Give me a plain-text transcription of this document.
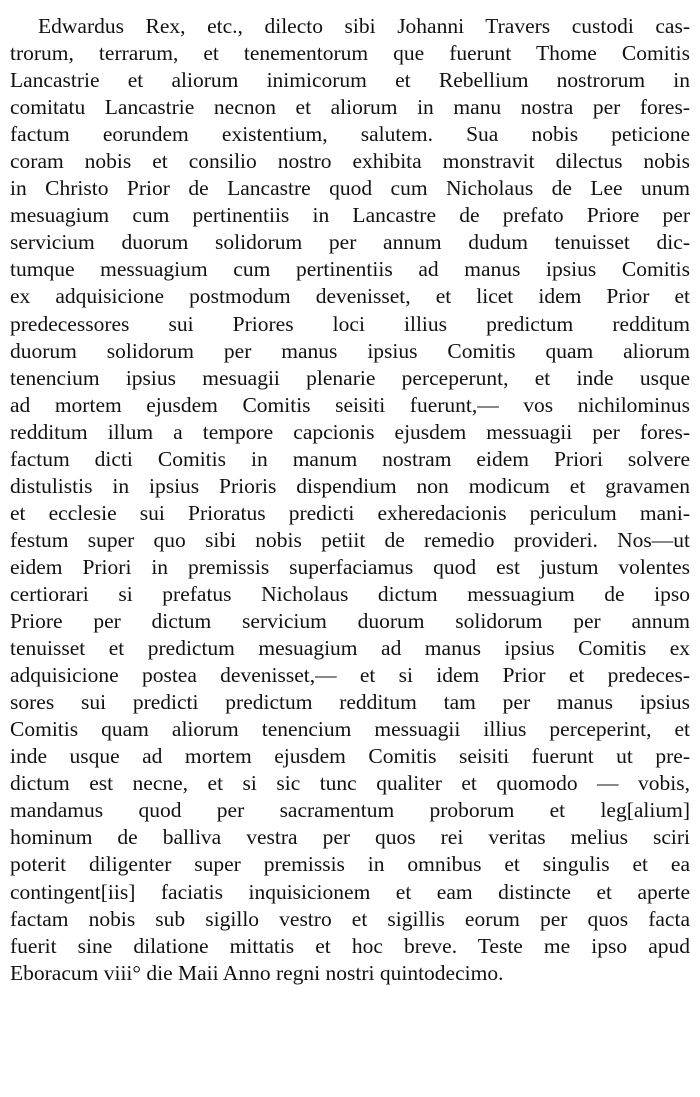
Edwardus Rex, etc., dilecto sibi Johanni Travers custodi cas-
trorum, terrarum, et tenementorum que fuerunt Thome Comitis
Lancastrie et aliorum inimicorum et Rebellium nostrorum in
comitatu Lancastrie necnon et aliorum in manu nostra per fores-
factum eorundem existentium, salutem. Sua nobis peticione
coram nobis et consilio nostro exhibita monstravit dilectus nobis
in Christo Prior de Lancastre quod cum Nicholaus de Lee unum
mesuagium cum pertinentiis in Lancastre de prefato Priore per
servicium duorum solidorum per annum dudum tenuisset dic-
tumque messuagium cum pertinentiis ad manus ipsius Comitis
ex adquisicione postmodum devenisset, et licet idem Prior et
predecessores sui Priores loci illius predictum redditum
duorum solidorum per manus ipsius Comitis quam aliorum
tenencium ipsius mesuagii plenarie perceperunt, et inde usque
ad mortem ejusdem Comitis seisiti fuerunt,— vos nichilominus
redditum illum a tempore capcionis ejusdem messuagii per fores-
factum dicti Comitis in manum nostram eidem Priori solvere
distulistis in ipsius Prioris dispendium non modicum et gravamen
et ecclesie sui Prioratus predicti exheredacionis periculum mani-
festum super quo sibi nobis petiit de remedio provideri. Nos—ut
eidem Priori in premissis superfaciamus quod est justum volentes
certiorari si prefatus Nicholaus dictum messuagium de ipso
Priore per dictum servicium duorum solidorum per annum
tenuisset et predictum mesuagium ad manus ipsius Comitis ex
adquisicione postea devenisset,— et si idem Prior et predeces-
sores sui predicti predictum redditum tam per manus ipsius
Comitis quam aliorum tenencium messuagii illius perceperint, et
inde usque ad mortem ejusdem Comitis seisiti fuerunt ut pre-
dictum est necne, et si sic tunc qualiter et quomodo — vobis,
mandamus quod per sacramentum proborum et leg[alium]
hominum de balliva vestra per quos rei veritas melius sciri
poterit diligenter super premissis in omnibus et singulis et ea
contingent[iis] faciatis inquisicionem et eam distincte et aperte
factam nobis sub sigillo vestro et sigillis eorum per quos facta
fuerit sine dilatione mittatis et hoc breve. Teste me ipso apud
Eboracum viii° die Maii Anno regni nostri quintodecimo.
